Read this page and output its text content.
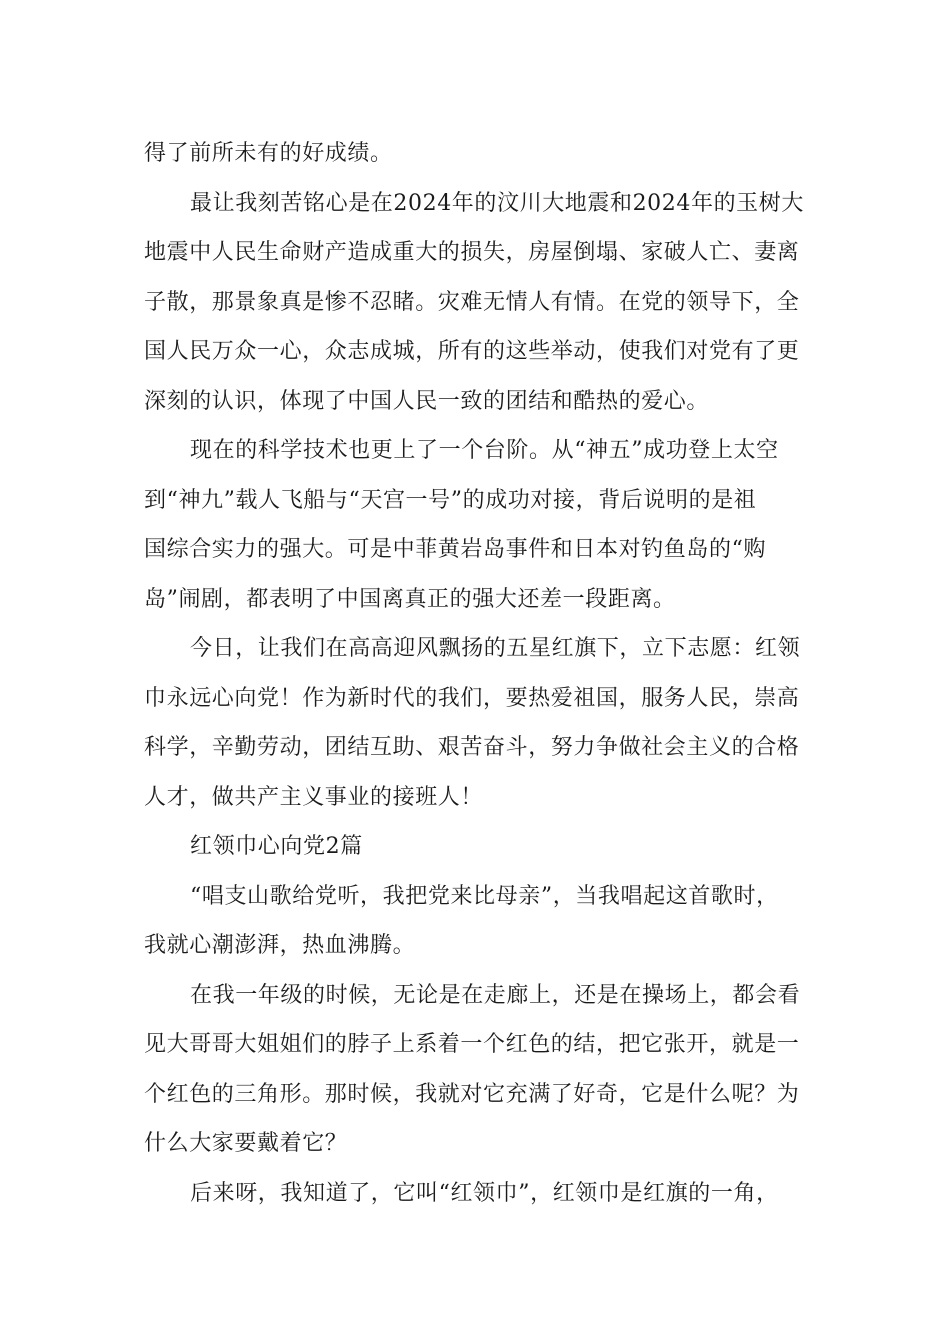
得了前所未有的好成绩。
最让我刻苦铭心是在2024年的汶川大地震和2024年的玉树大
地震中人民生命财产造成重大的损失，房屋倒塌、家破人亡、妻离
子散，那景象真是惨不忍睹。灾难无情人有情。在党的领导下，全
国人民万众一心，众志成城，所有的这些举动，使我们对党有了更
深刻的认识，体现了中国人民一致的团结和酷热的爱心。
现在的科学技术也更上了一个台阶。从“神五”成功登上太空
到“神九”载人飞船与“天宫一号”的成功对接，背后说明的是祖
国综合实力的强大。可是中菲黄岩岛事件和日本对钓鱼岛的“购
岛”闹剧，都表明了中国离真正的强大还差一段距离。
今日，让我们在高高迎风飘扬的五星红旗下，立下志愿：红领
巾永远心向党！作为新时代的我们，要热爱祖国，服务人民，崇高
科学，辛勤劳动，团结互助、艰苦奋斗，努力争做社会主义的合格
人才，做共产主义事业的接班人！
红领巾心向党2篇
“唱支山歌给党听，我把党来比母亲”，当我唱起这首歌时，
我就心潮澎湃，热血沸腾。
在我一年级的时候，无论是在走廊上，还是在操场上，都会看
见大哥哥大姐姐们的脖子上系着一个红色的结，把它张开，就是一
个红色的三角形。那时候，我就对它充满了好奇，它是什么呢？为
什么大家要戴着它？
后来呀，我知道了，它叫“红领巾”，红领巾是红旗的一角，
